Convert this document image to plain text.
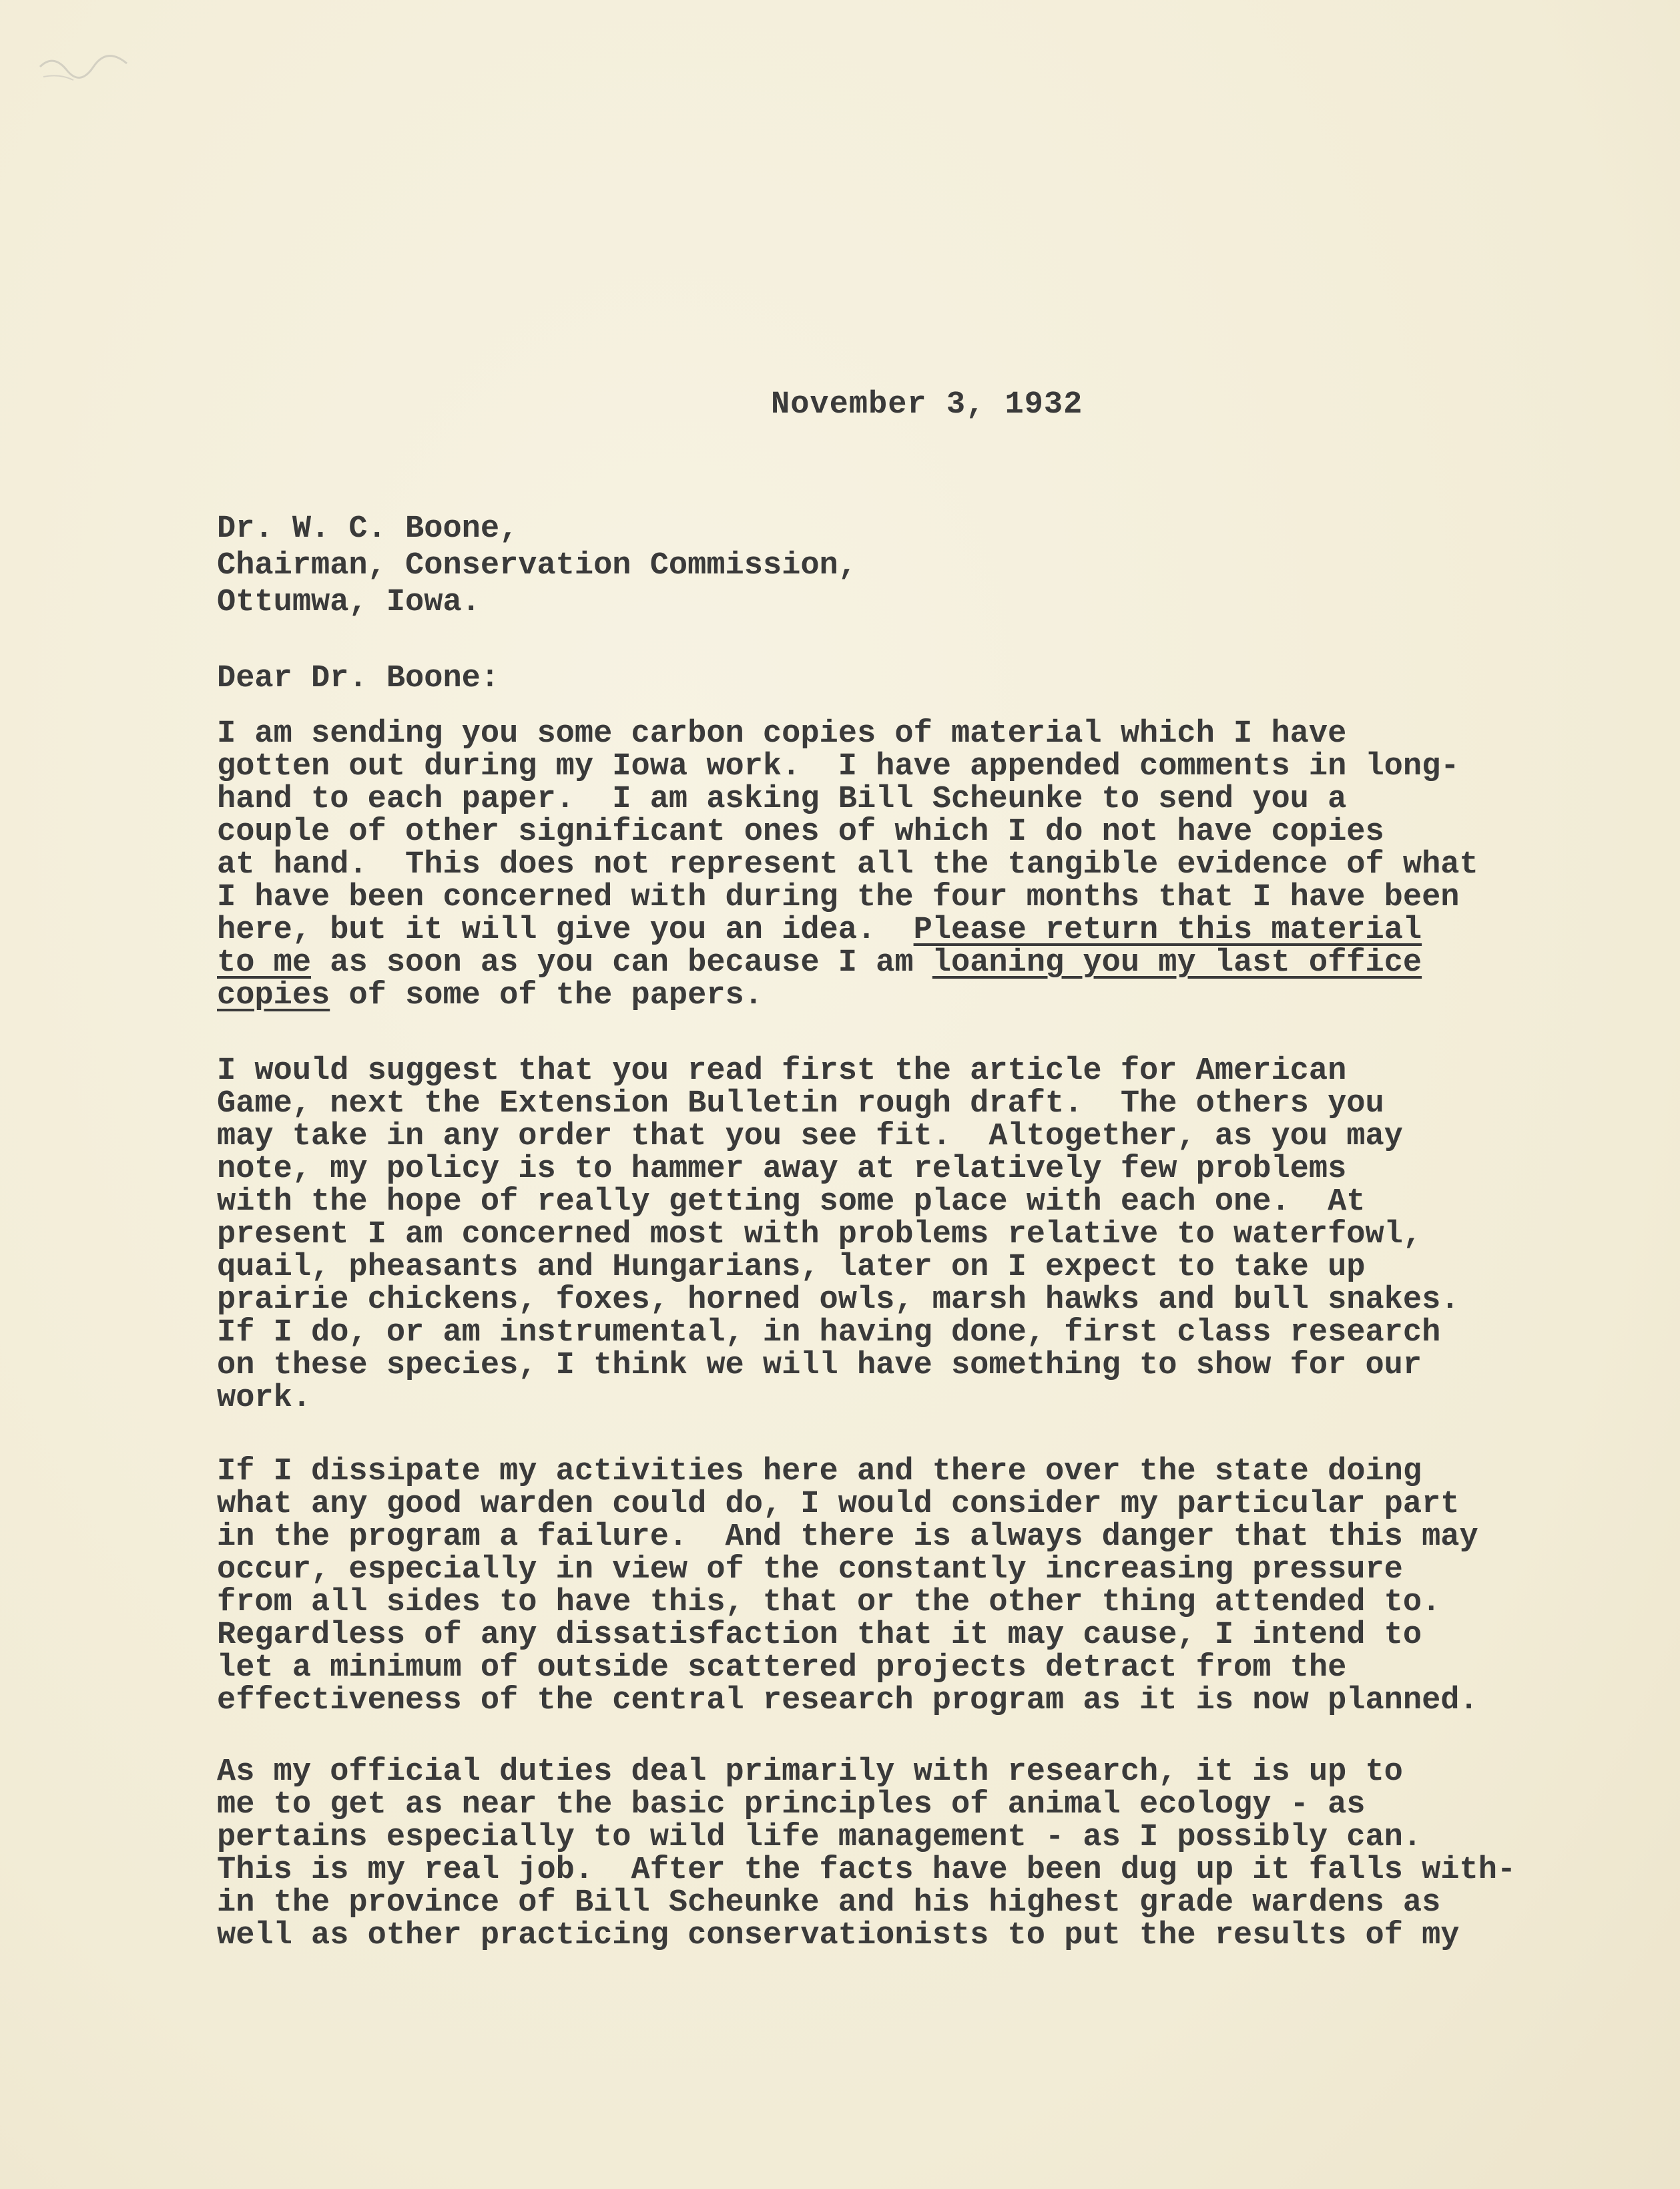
November 3, 1932
Dr. W. C. Boone,
Chairman, Conservation Commission,
Ottumwa, Iowa.
Dear Dr. Boone:
I am sending you some carbon copies of material which I have
gotten out during my Iowa work.  I have appended comments in long-
hand to each paper.  I am asking Bill Scheunke to send you a
couple of other significant ones of which I do not have copies
at hand.  This does not represent all the tangible evidence of what
I have been concerned with during the four months that I have been
here, but it will give you an idea.  Please return this material
to me as soon as you can because I am loaning you my last office
copies of some of the papers.
I would suggest that you read first the article for American
Game, next the Extension Bulletin rough draft.  The others you
may take in any order that you see fit.  Altogether, as you may
note, my policy is to hammer away at relatively few problems
with the hope of really getting some place with each one.  At
present I am concerned most with problems relative to waterfowl,
quail, pheasants and Hungarians, later on I expect to take up
prairie chickens, foxes, horned owls, marsh hawks and bull snakes.
If I do, or am instrumental, in having done, first class research
on these species, I think we will have something to show for our
work.
If I dissipate my activities here and there over the state doing
what any good warden could do, I would consider my particular part
in the program a failure.  And there is always danger that this may
occur, especially in view of the constantly increasing pressure
from all sides to have this, that or the other thing attended to.
Regardless of any dissatisfaction that it may cause, I intend to
let a minimum of outside scattered projects detract from the
effectiveness of the central research program as it is now planned.
As my official duties deal primarily with research, it is up to
me to get as near the basic principles of animal ecology - as
pertains especially to wild life management - as I possibly can.
This is my real job.  After the facts have been dug up it falls with-
in the province of Bill Scheunke and his highest grade wardens as
well as other practicing conservationists to put the results of my
